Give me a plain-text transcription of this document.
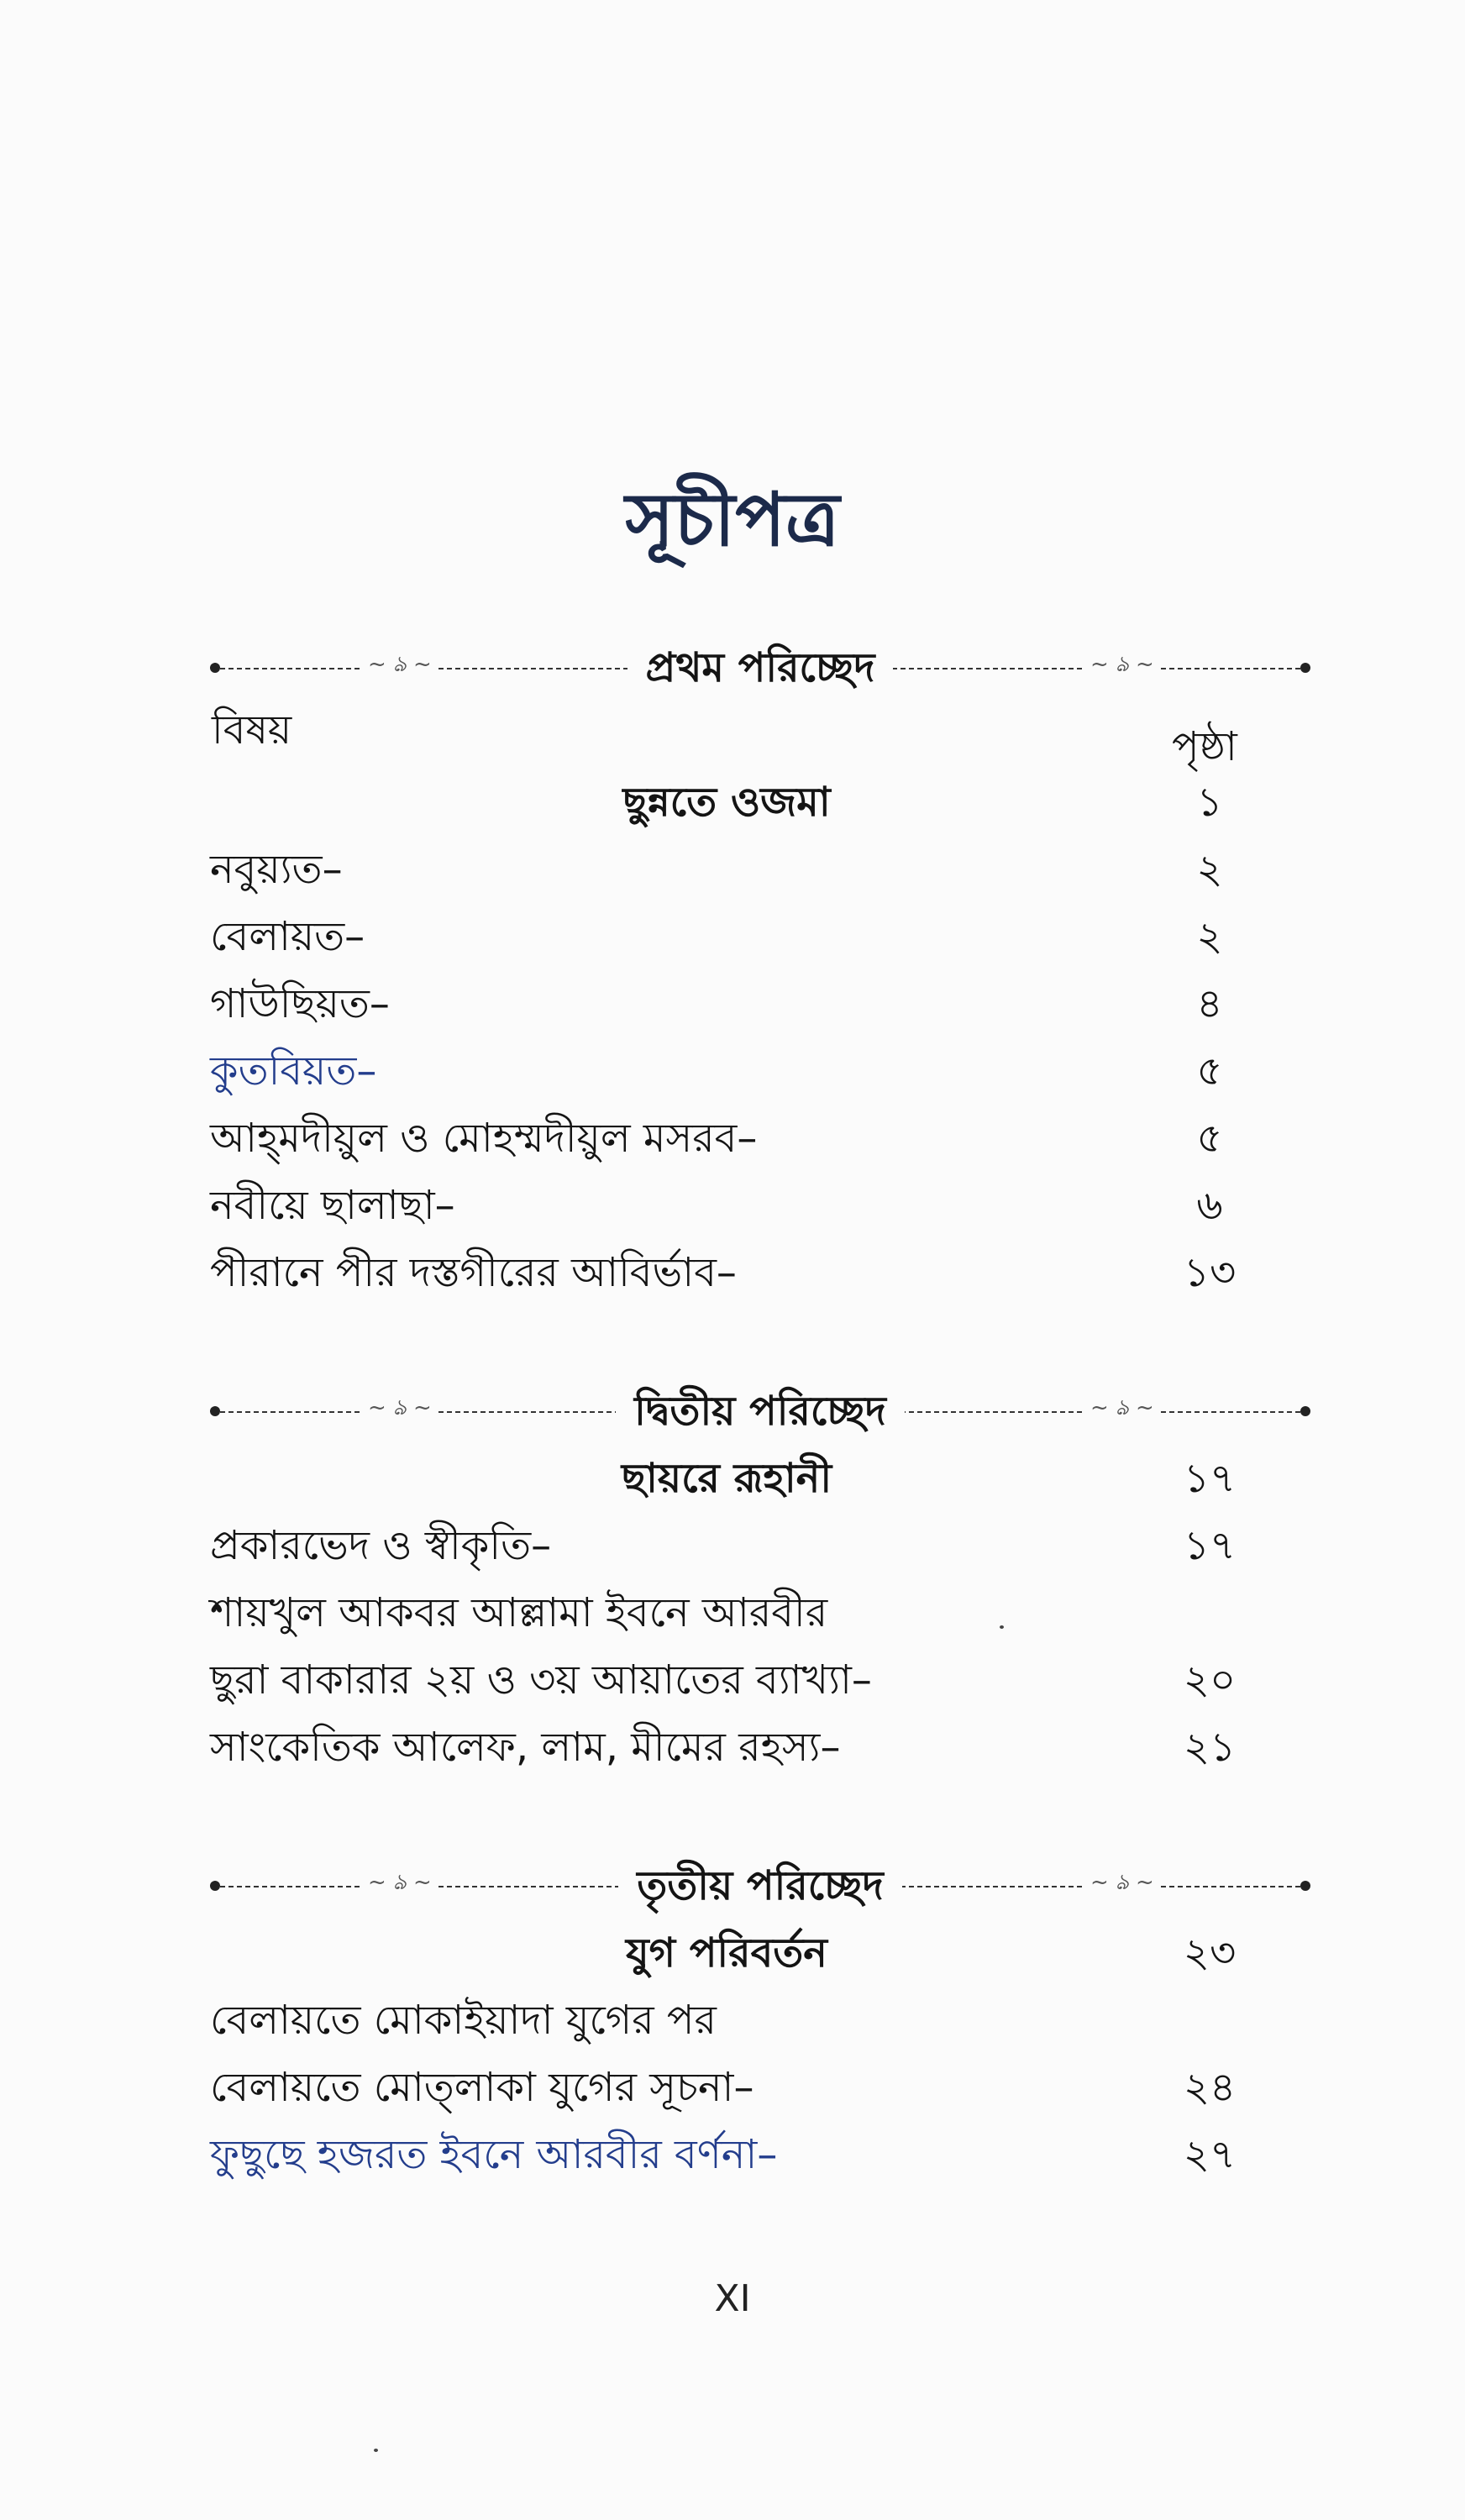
সূচীপত্র
~ ঌ ~	~ ঌ ~
প্রথম পরিচ্ছেদ
বিষয়	পৃষ্ঠা
ছুন্নতে ওজমা	১
নবুয়্যত–	২
বেলায়ত–	২
গাউছিয়ত–	৪
কুতবিয়ত–	৫
আহ্‌মদীয়ুল ও মোহম্মদীয়ুল মসরব–	৫
নবীয়ে ছালাছা–	৬
পীরানে পীর দস্তগীরের আবির্ভাব–	১৩
~ ঌ ~	~ ঌ ~
দ্বিতীয় পরিচ্ছেদ
ছায়রে রূহানী	১৭
প্রকারভেদ ও স্বীকৃতি–	১৭
শায়খুল আকবর আল্লামা ইবনে আরবীর
ছুরা বাকারার ২য় ও ৩য় আয়াতের ব্যাখ্যা–	২০
সাংকেতিক আলেফ, লাম, মীমের রহস্য–	২১
~ ঌ ~	~ ঌ ~
তৃতীয় পরিচ্ছেদ
যুগ পরিবর্তন	২৩
বেলায়তে মোকাইয়াদা যুগের পর
বেলায়তে মোত্‌লাকা যুগের সূচনা–	২৪
ফুছুছে হজরত ইবনে আরবীর বর্ণনা–	২৭
XI
